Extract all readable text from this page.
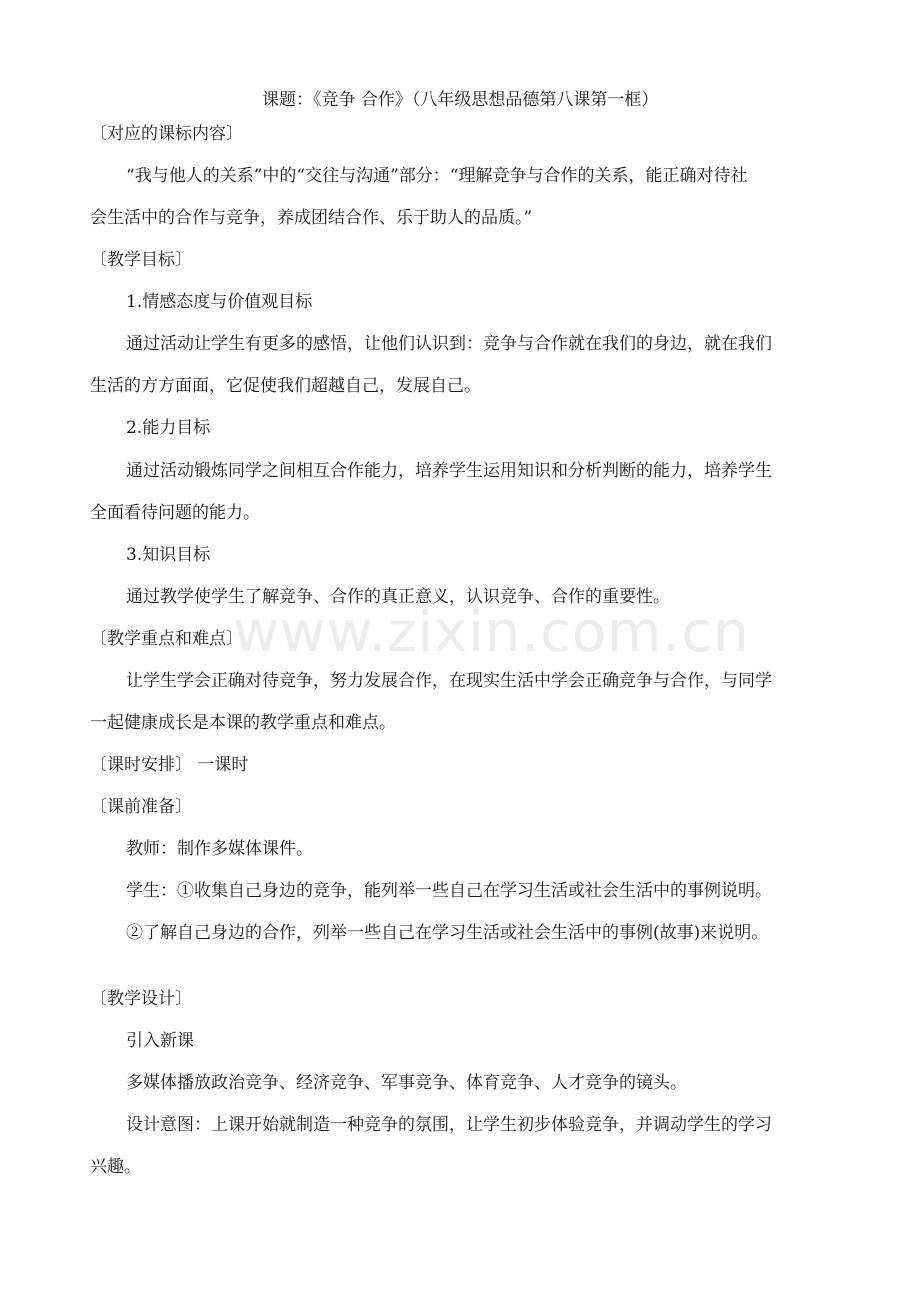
www.zixin.com.cn
课题：《竞争 合作》（八年级思想品德第八课第一框）
〔对应的课标内容〕
“我与他人的关系”中的“交往与沟通”部分：“理解竞争与合作的关系，能正确对待社
会生活中的合作与竞争，养成团结合作、乐于助人的品质。”
〔教学目标〕
1.情感态度与价值观目标
通过活动让学生有更多的感悟，让他们认识到：竞争与合作就在我们的身边，就在我们
生活的方方面面，它促使我们超越自己，发展自己。
2.能力目标
通过活动锻炼同学之间相互合作能力，培养学生运用知识和分析判断的能力，培养学生
全面看待问题的能力。
3.知识目标
通过教学使学生了解竞争、合作的真正意义，认识竞争、合作的重要性。
〔教学重点和难点〕
让学生学会正确对待竞争，努力发展合作，在现实生活中学会正确竞争与合作，与同学
一起健康成长是本课的教学重点和难点。
〔课时安排〕 一课时
〔课前准备〕
教师：制作多媒体课件。
学生：①收集自己身边的竞争，能列举一些自己在学习生活或社会生活中的事例说明。
②了解自己身边的合作，列举一些自己在学习生活或社会生活中的事例(故事)来说明。
〔教学设计〕
引入新课
多媒体播放政治竞争、经济竞争、军事竞争、体育竞争、人才竞争的镜头。
设计意图：上课开始就制造一种竞争的氛围，让学生初步体验竞争，并调动学生的学习
兴趣。
